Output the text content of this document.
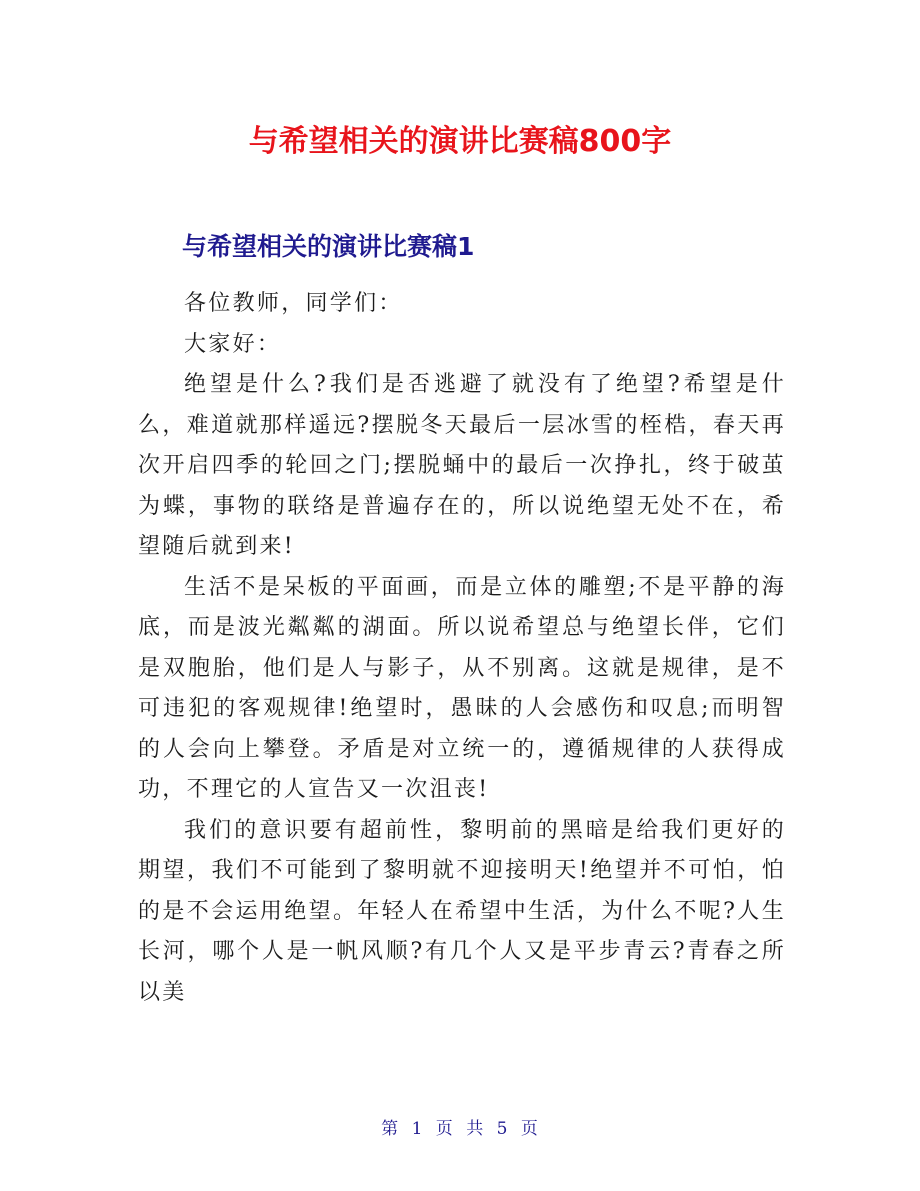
与希望相关的演讲比赛稿800字
与希望相关的演讲比赛稿1

各位教师，同学们：

大家好：

绝望是什么?我们是否逃避了就没有了绝望?希望是什么，难道就那样遥远?摆脱冬天最后一层冰雪的桎梏，春天再次开启四季的轮回之门;摆脱蛹中的最后一次挣扎，终于破茧为蝶，事物的联络是普遍存在的，所以说绝望无处不在，希望随后就到来!

生活不是呆板的平面画，而是立体的雕塑;不是平静的海底，而是波光粼粼的湖面。所以说希望总与绝望长伴，它们是双胞胎，他们是人与影子，从不别离。这就是规律，是不可违犯的客观规律!绝望时，愚昧的人会感伤和叹息;而明智的人会向上攀登。矛盾是对立统一的，遵循规律的人获得成功，不理它的人宣告又一次沮丧!

我们的意识要有超前性，黎明前的黑暗是给我们更好的期望，我们不可能到了黎明就不迎接明天!绝望并不可怕，怕的是不会运用绝望。年轻人在希望中生活，为什么不呢?人生长河，哪个人是一帆风顺?有几个人又是平步青云?青春之所以美

第 1 页 共 5 页
